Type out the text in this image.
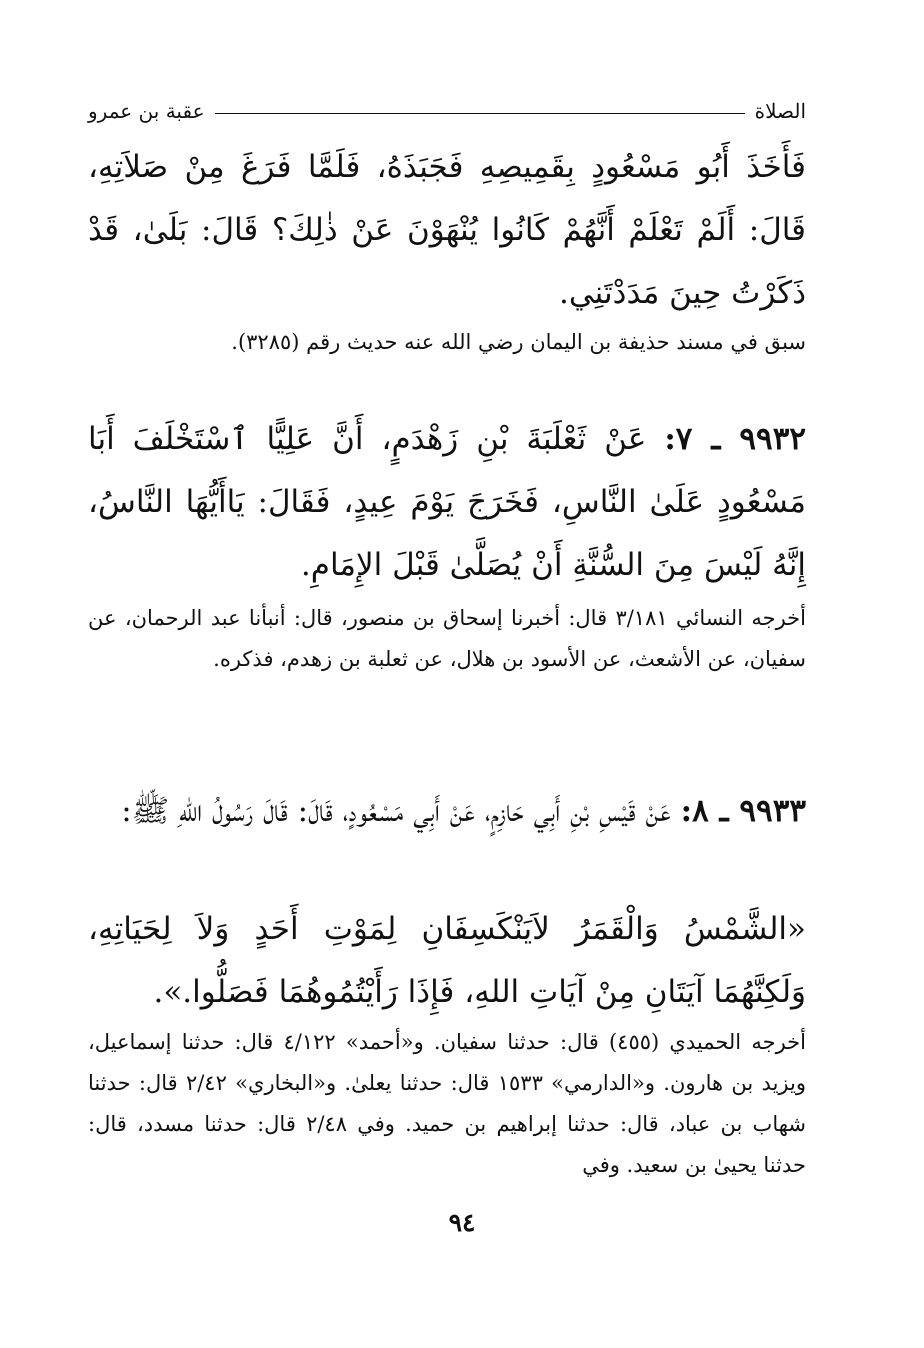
الصلاة
عقبة بن عمرو
فَأَخَذَ أَبُو مَسْعُودٍ بِقَمِيصِهِ فَجَبَذَهُ، فَلَمَّا فَرَغَ مِنْ صَلاَتِهِ، قَالَ: أَلَمْ تَعْلَمْ أَنَّهُمْ كَانُوا يُنْهَوْنَ عَنْ ذٰلِكَ؟ قَالَ: بَلَىٰ، قَدْ ذَكَرْتُ حِينَ مَدَدْتَنِي.
سبق في مسند حذيفة بن اليمان رضي الله عنه حديث رقم (٣٢٨٥).
٩٩٣٢ ـ ٧: عَنْ ثَعْلَبَةَ بْنِ زَهْدَمٍ، أَنَّ عَلِيًّا ٱسْتَخْلَفَ أَبَا مَسْعُودٍ عَلَىٰ النَّاسِ، فَخَرَجَ يَوْمَ عِيدٍ، فَقَالَ: يَاأَيُّهَا النَّاسُ، إِنَّهُ لَيْسَ مِنَ السُّنَّةِ أَنْ يُصَلَّىٰ قَبْلَ الإِمَامِ.
أخرجه النسائي ٣/١٨١ قال: أخبرنا إسحاق بن منصور، قال: أنبأنا عبد الرحمان، عن سفيان، عن الأشعث، عن الأسود بن هلال، عن ثعلبة بن زهدم، فذكره.
٩٩٣٣ ـ ٨: عَنْ قَيْسِ بْنِ أَبِي حَازِمٍ، عَنْ أَبِي مَسْعُودٍ، قَالَ: قَالَ رَسُولُ اللهِ ﷺ:
«الشَّمْسُ وَالْقَمَرُ لاَيَنْكَسِفَانِ لِمَوْتِ أَحَدٍ وَلاَ لِحَيَاتِهِ، وَلَكِنَّهُمَا آيَتَانِ مِنْ آيَاتِ اللهِ، فَإِذَا رَأَيْتُمُوهُمَا فَصَلُّوا.».
أخرجه الحميدي (٤٥٥) قال: حدثنا سفيان. و«أحمد» ٤/١٢٢ قال: حدثنا إسماعيل، ويزيد بن هارون. و«الدارمي» ١٥٣٣ قال: حدثنا يعلىٰ. و«البخاري» ٢/٤٢ قال: حدثنا شهاب بن عباد، قال: حدثنا إبراهيم بن حميد. وفي ٢/٤٨ قال: حدثنا مسدد، قال: حدثنا يحيىٰ بن سعيد. وفي
٩٤
